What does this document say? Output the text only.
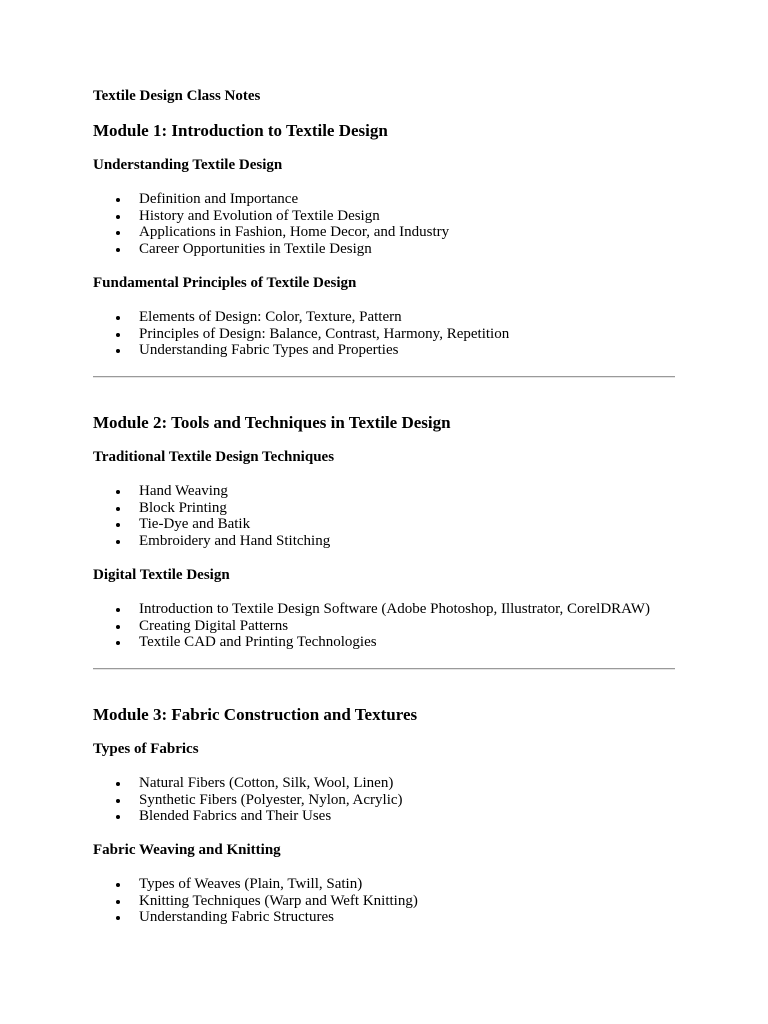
Textile Design Class Notes
Module 1: Introduction to Textile Design
Understanding Textile Design
Definition and Importance
History and Evolution of Textile Design
Applications in Fashion, Home Decor, and Industry
Career Opportunities in Textile Design
Fundamental Principles of Textile Design
Elements of Design: Color, Texture, Pattern
Principles of Design: Balance, Contrast, Harmony, Repetition
Understanding Fabric Types and Properties
Module 2: Tools and Techniques in Textile Design
Traditional Textile Design Techniques
Hand Weaving
Block Printing
Tie-Dye and Batik
Embroidery and Hand Stitching
Digital Textile Design
Introduction to Textile Design Software (Adobe Photoshop, Illustrator, CorelDRAW)
Creating Digital Patterns
Textile CAD and Printing Technologies
Module 3: Fabric Construction and Textures
Types of Fabrics
Natural Fibers (Cotton, Silk, Wool, Linen)
Synthetic Fibers (Polyester, Nylon, Acrylic)
Blended Fabrics and Their Uses
Fabric Weaving and Knitting
Types of Weaves (Plain, Twill, Satin)
Knitting Techniques (Warp and Weft Knitting)
Understanding Fabric Structures
